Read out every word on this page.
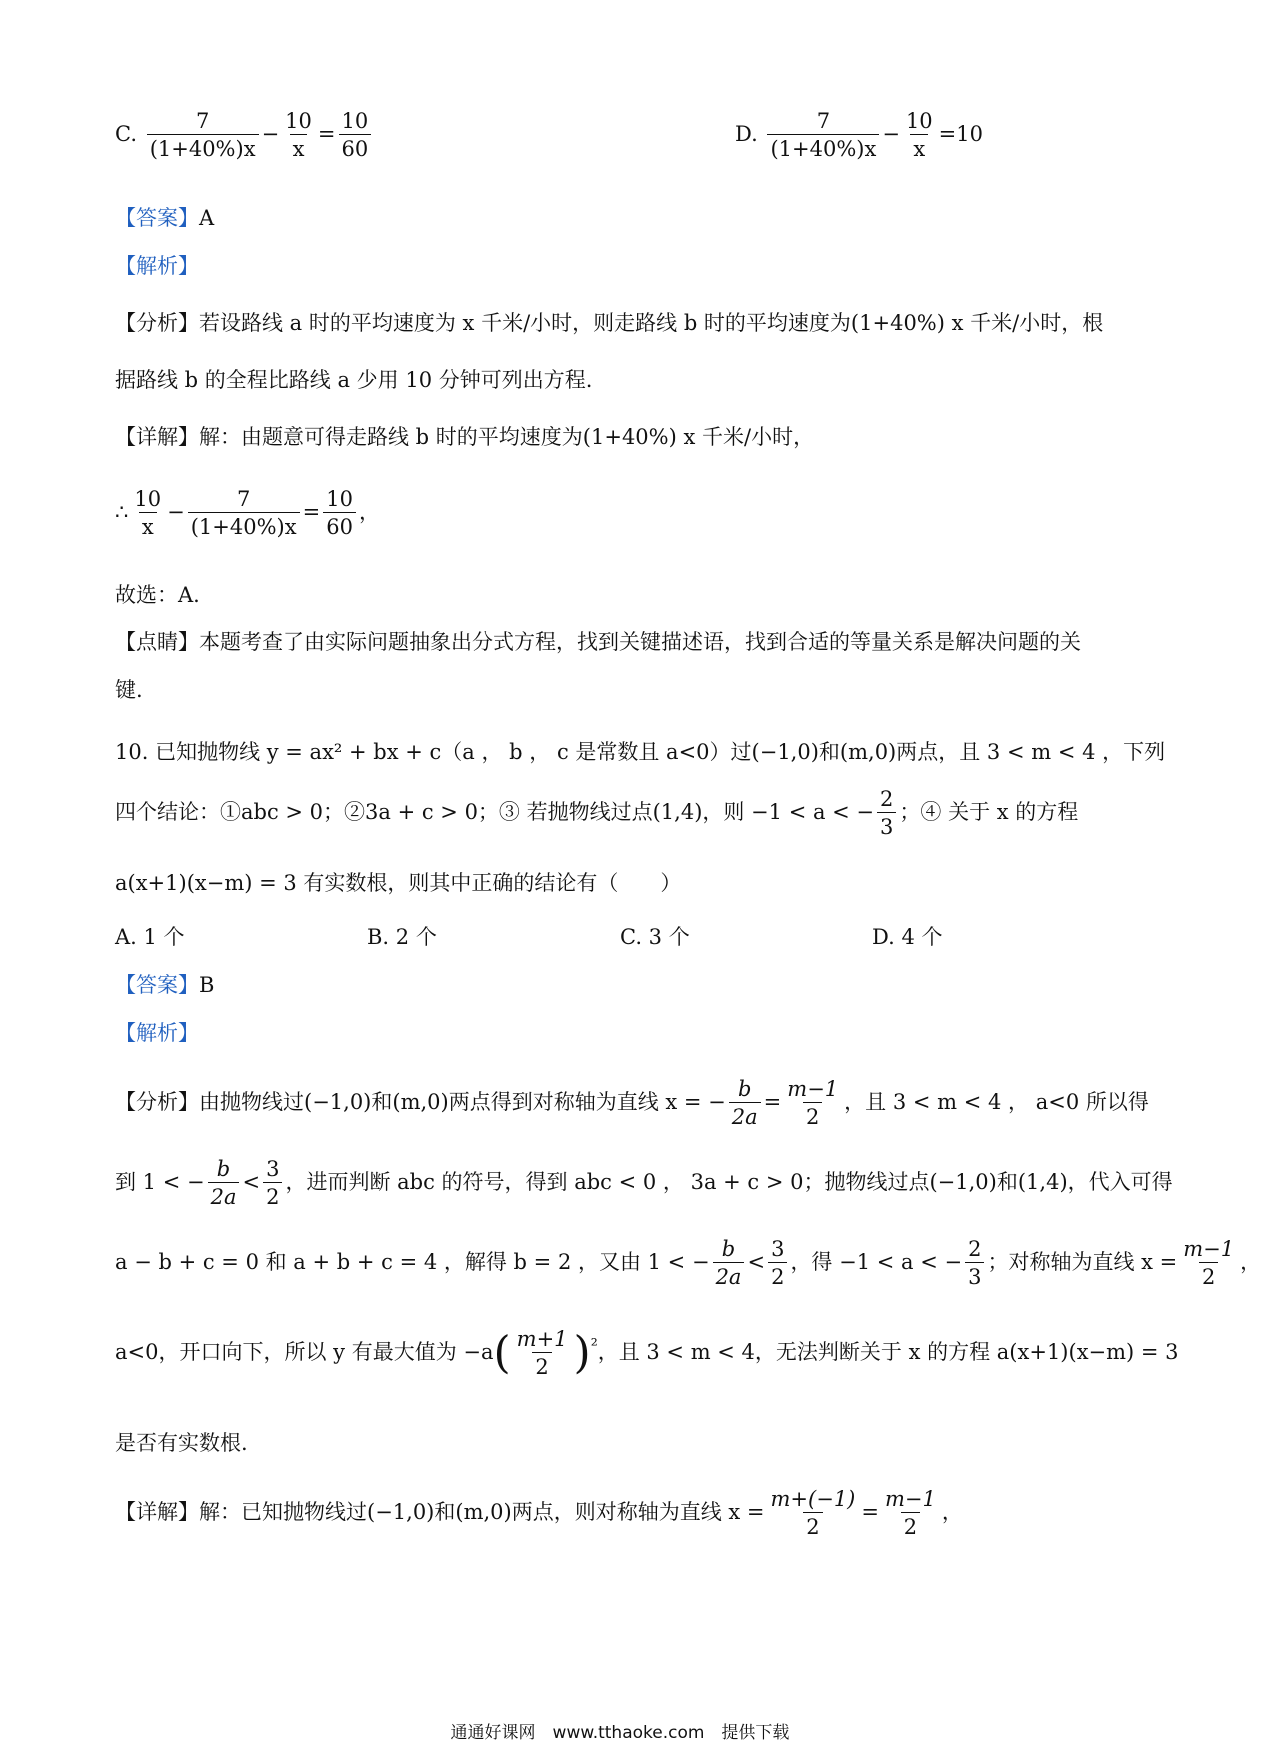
C. $\frac{7}{(1+40\%)x} - \frac{10}{x} = \frac{10}{60}$	D. $\frac{7}{(1+40\%)x} - \frac{10}{x} =10$
【答案】A
【解析】
【分析】若设路线 a 时的平均速度为 x 千米/小时，则走路线 b 时的平均速度为(1+40%) x 千米/小时，根
据路线 b 的全程比路线 a 少用 10 分钟可列出方程.
【详解】解：由题意可得走路线 b 时的平均速度为(1+40%) x 千米/小时，
∴ $\frac{10}{x} - \frac{7}{(1+40\%)x} = \frac{10}{60}$ ，
故选：A.
【点睛】本题考查了由实际问题抽象出分式方程，找到关键描述语，找到合适的等量关系是解决问题的关
键.
10. 已知抛物线 y = ax² + bx + c（a ， b ， c 是常数且 a<0）过(−1,0)和(m,0)两点，且 3 < m < 4 ，下列
四个结论：①abc > 0；②3a + c > 0；③ 若抛物线过点(1,4)，则 −1 < a < − $\frac{2}{3}$ ；④ 关于 x 的方程
a(x+1)(x−m) = 3 有实数根，则其中正确的结论有（　　）
A. 1 个	B. 2 个	C. 3 个	D. 4 个
【答案】B
【解析】
【分析】由抛物线过(−1,0)和(m,0)两点得到对称轴为直线 x = − $\frac{b}{2a} = \frac{m-1}{2}$ ，且 3 < m < 4 ， a<0 所以得
到 1 < − $\frac{b}{2a} < \frac{3}{2}$ ，进而判断 abc 的符号，得到 abc < 0 ， 3a + c > 0；抛物线过点(−1,0)和(1,4)，代入可得
a − b + c = 0 和 a + b + c = 4 ，解得 b = 2 ，又由 1 < − $\frac{b}{2a} < \frac{3}{2}$ ，得 −1 < a < − $\frac{2}{3}$ ；对称轴为直线 $x = \frac{m-1}{2}$ ，
a<0，开口向下，所以 y 有最大值为 $-a( \frac{m+1}{2} )^{^2}$，且 3 < m < 4，无法判断关于 x 的方程 a(x+1)(x−m) = 3
是否有实数根.
【详解】解：已知抛物线过(−1,0)和(m,0)两点，则对称轴为直线 $x = \frac{m+(-1)}{2} = \frac{m-1}{2}$ ，
通通好课网　www.tthaoke.com　提供下载
